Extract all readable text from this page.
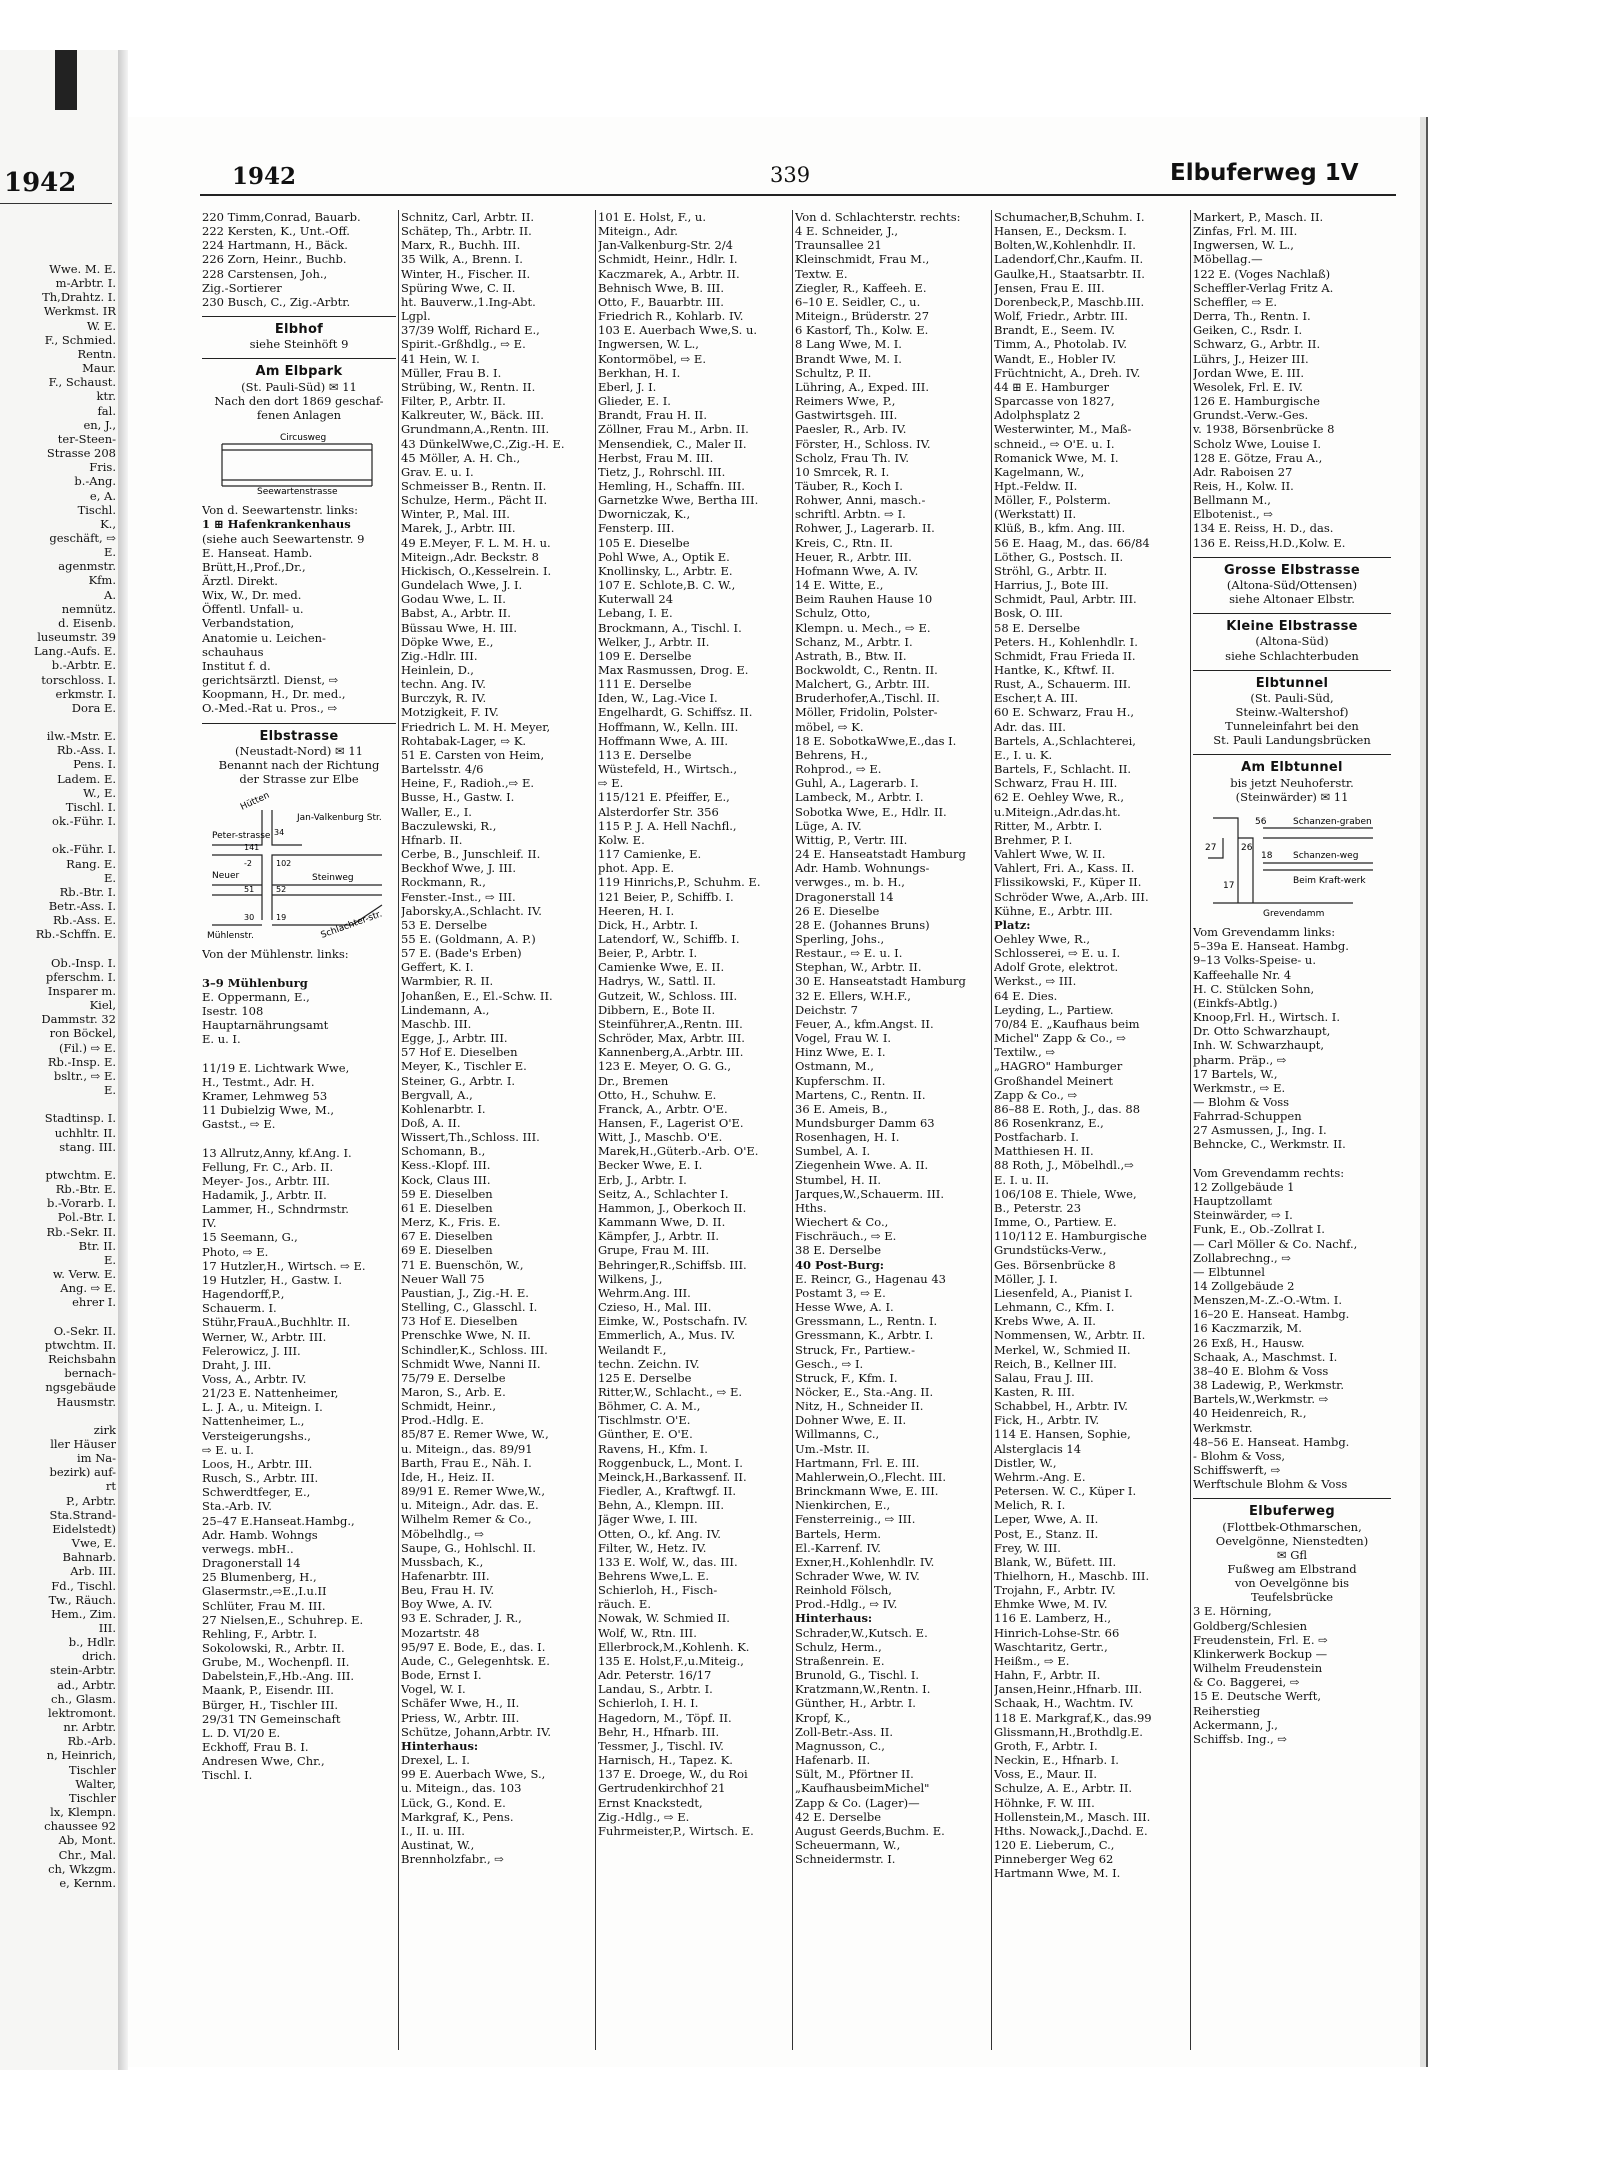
Wwe. M. E.
m-Arbtr. I.
Th,Drahtz. I.
Werkmst. IR
W. E.
F., Schmied.
Rentn.
Maur.
F., Schaust.
ktr.
fal.
en, J.,
ter-Steen-
Strasse 208
Fris.
b.-Ang.
e, A.
Tischl.
K.,
geschäft, ⇨
E.
agenmstr.
Kfm.
A.
nemnütz.
d. Eisenb.
luseumstr. 39
Lang.-Aufs. E.
b.-Arbtr. E.
torschloss. I.
erkmstr. I.
Dora E.

ilw.-Mstr. E.
Rb.-Ass. I.
Pens. I.
Ladem. E.
W., E.
Tischl. I.
ok.-Führ. I.

ok.-Führ. I.
Rang. E.
E.
Rb.-Btr. I.
Betr.-Ass. I.
Rb.-Ass. E.
Rb.-Schffn. E.

Ob.-Insp. I.
pferschm. I.
Insparer m.
Kiel,
Dammstr. 32
ron Böckel,
(Fil.) ⇨ E.
Rb.-Insp. E.
bsltr., ⇨ E.
E.

Stadtinsp. I.
uchhltr. II.
stang. III.

ptwchtm. E.
Rb.-Btr. E.
b.-Vorarb. I.
Pol.-Btr. I.
Rb.-Sekr. II.
Btr. II.
E.
w. Verw. E.
Ang. ⇨ E.
ehrer I.

O.-Sekr. II.
ptwchtm. II.
Reichsbahn
bernach-
ngsgebäude
Hausmstr.

zirk
ller Häuser
im Na-
bezirk) auf-
rt
P., Arbtr.
Sta.Strand-
Eidelstedt)
Vwe, E.
Bahnarb.
Arb. III.
Fd., Tischl.
Tw., Räuch.
Hem., Zim.
III.
b., Hdlr.
drich.
stein-Arbtr.
ad., Arbtr.
ch., Glasm.
lektromont.
nr. Arbtr.
Rb.-Arb.
n, Heinrich,
Tischler
Walter,
Tischler
lx, Klempn.
chaussee 92
Ab, Mont.
Chr., Mal.
ch, Wkzgm.
e, Kernm.
1942	1942	339	Elbuferweg 1V
220 Timm,Conrad, Bauarb.
222 Kersten, K., Unt.-Off.
224 Hartmann, H., Bäck.
226 Zorn, Heinr., Buchb.
228 Carstensen, Joh.,
Zig.-Sortierer
230 Busch, C., Zig.-Arbtr.
Elbhof
siehe Steinhöft 9
Am Elbpark
(St. Pauli-Süd) ✉ 11
Nach den dort 1869 geschaf-
fenen Anlagen
Circusweg
Seewartenstrasse
Von d. Seewartenstr. links:
1 ⊞ Hafenkrankenhaus
(siehe auch Seewartenstr. 9
E. Hanseat. Hamb.
Brütt,H.,Prof.,Dr.,
Ärztl. Direkt.
Wix, W., Dr. med.
Öffentl. Unfall- u.
Verbandstation,
Anatomie u. Leichen-
schauhaus
Institut f. d.
gerichtsärztl. Dienst, ⇨
Koopmann, H., Dr. med.,
O.-Med.-Rat u. Pros., ⇨
Elbstrasse
(Neustadt-Nord) ✉ 11
Benannt nach der Richtung
der Strasse zur Elbe
Hütten
Jan-Valkenburg Str.
Peter-strasse
Neuer	Steinweg
Mühlenstr.	Schlachter-str.
141
34
102
51	52
30	19
-2
Von der Mühlenstr. links:

3–9 Mühlenburg
E. Oppermann, E.,
Isestr. 108
Hauptarnährungsamt
E. u. I.

11/19 E. Lichtwark Wwe,
H., Testmt., Adr. H.
Kramer, Lehmweg 53
11 Dubielzig Wwe, M.,
Gastst., ⇨ E.

13 Allrutz,Anny, kf.Ang. I.
Fellung, Fr. C., Arb. II.
Meyer- Jos., Arbtr. III.
Hadamik, J., Arbtr. II.
Lammer, H., Schndrmstr.
IV.
15 Seemann, G.,
Photo, ⇨ E.
17 Hutzler,H., Wirtsch. ⇨ E.
19 Hutzler, H., Gastw. I.
Hagendorff,P.,
Schauerm. I.
Stühr,FrauA.,Buchhltr. II.
Werner, W., Arbtr. III.
Felerowicz, J. III.
Draht, J. III.
Voss, A., Arbtr. IV.
21/23 E. Nattenheimer,
L. J. A., u. Miteign. I.
Nattenheimer, L.,
Versteigerungshs.,
⇨ E. u. I.
Loos, H., Arbtr. III.
Rusch, S., Arbtr. III.
Schwerdtfeger, E.,
Sta.-Arb. IV.
25–47 E.Hanseat.Hambg.,
Adr. Hamb. Wohngs
verwegs. mbH..
Dragonerstall 14
25 Blumenberg, H.,
Glasermstr.,⇨E.,I.u.II
Schlüter, Frau M. III.
27 Nielsen,E., Schuhrep. E.
Rehling, F., Arbtr. I.
Sokolowski, R., Arbtr. II.
Grube, M., Wochenpfl. II.
Dabelstein,F.,Hb.-Ang. III.
Maank, P., Eisendr. III.
Bürger, H., Tischler III.
29/31 TN Gemeinschaft
L. D. VI/20 E.
Eckhoff, Frau B. I.
Andresen Wwe, Chr.,
Tischl. I.
Schnitz, Carl, Arbtr. II.
Schätep, Th., Arbtr. II.
Marx, R., Buchh. III.
35 Wilk, A., Brenn. I.
Winter, H., Fischer. II.
Spüring Wwe, C. II.
ht. Bauverw.,1.Ing-Abt.
Lgpl.
37/39 Wolff, Richard E.,
Spirit.-Grßhdlg., ⇨ E.
41 Hein, W. I.
Müller, Frau B. I.
Strübing, W., Rentn. II.
Filter, P., Arbtr. II.
Kalkreuter, W., Bäck. III.
Grundmann,A.,Rentn. III.
43 DünkelWwe,C.,Zig.-H. E.
45 Möller, A. H. Ch.,
Grav. E. u. I.
Schmeisser B., Rentn. II.
Schulze, Herm., Pächt II.
Winter, P., Mal. III.
Marek, J., Arbtr. III.
49 E.Meyer, F. L. M. H. u.
Miteign.,Adr. Beckstr. 8
Hickisch, O.,Kesselrein. I.
Gundelach Wwe, J. I.
Godau Wwe, L. II.
Babst, A., Arbtr. II.
Büssau Wwe, H. III.
Döpke Wwe, E.,
Zig.-Hdlr. III.
Heinlein, D.,
techn. Ang. IV.
Burczyk, R. IV.
Motzigkeit, F. IV.
Friedrich L. M. H. Meyer,
Rohtabak-Lager, ⇨ K.
51 E. Carsten von Heim,
Bartelsstr. 4/6
Heine, F., Radioh.,⇨ E.
Busse, H., Gastw. I.
Waller, E., I.
Baczulewski, R.,
Hfnarb. II.
Cerbe, B., Junschleif. II.
Beckhof Wwe, J. III.
Rockmann, R.,
Fenster.-Inst., ⇨ III.
Jaborsky,A.,Schlacht. IV.
53 E. Derselbe
55 E. (Goldmann, A. P.)
57 E. (Bade's Erben)
Geffert, K. I.
Warmbier, R. II.
Johanßen, E., El.-Schw. II.
Lindemann, A.,
Maschb. III.
Egge, J., Arbtr. III.
57 Hof E. Dieselben
Meyer, K., Tischler E.
Steiner, G., Arbtr. I.
Bergvall, A.,
Kohlenarbtr. I.
Doß, A. II.
Wissert,Th.,Schloss. III.
Schomann, B.,
Kess.-Klopf. III.
Kock, Claus III.
59 E. Dieselben
61 E. Dieselben
Merz, K., Fris. E.
67 E. Dieselben
69 E. Dieselben
71 E. Buenschön, W.,
Neuer Wall 75
Paustian, J., Zig.-H. E.
Stelling, C., Glasschl. I.
73 Hof E. Dieselben
Prenschke Wwe, N. II.
Schindler,K., Schloss. III.
Schmidt Wwe, Nanni II.
75/79 E. Derselbe
Maron, S., Arb. E.
Schmidt, Heinr.,
Prod.-Hdlg. E.
85/87 E. Remer Wwe, W.,
u. Miteign., das. 89/91
Barth, Frau E., Näh. I.
Ide, H., Heiz. II.
89/91 E. Remer Wwe,W.,
u. Miteign., Adr. das. E.
Wilhelm Remer & Co.,
Möbelhdlg., ⇨
Saupe, G., Hohlschl. II.
Mussbach, K.,
Hafenarbtr. III.
Beu, Frau H. IV.
Boy Wwe, A. IV.
93 E. Schrader, J. R.,
Mozartstr. 48
95/97 E. Bode, E., das. I.
Aude, C., Gelegenhtsk. E.
Bode, Ernst I.
Vogel, W. I.
Schäfer Wwe, H., II.
Priess, W., Arbtr. III.
Schütze, Johann,Arbtr. IV.
Hinterhaus:
Drexel, L. I.
99 E. Auerbach Wwe, S.,
u. Miteign., das. 103
Lück, G., Kond. E.
Markgraf, K., Pens.
I., II. u. III.
Austinat, W.,
Brennholzfabr., ⇨
101 E. Holst, F., u.
Miteign., Adr.
Jan-Valkenburg-Str. 2/4
Schmidt, Heinr., Hdlr. I.
Kaczmarek, A., Arbtr. II.
Behnisch Wwe, B. III.
Otto, F., Bauarbtr. III.
Friedrich R., Kohlarb. IV.
103 E. Auerbach Wwe,S. u.
Ingwersen, W. L.,
Kontormöbel, ⇨ E.
Berkhan, H. I.
Eberl, J. I.
Glieder, E. I.
Brandt, Frau H. II.
Zöllner, Frau M., Arbn. II.
Mensendiek, C., Maler II.
Herbst, Frau M. III.
Tietz, J., Rohrschl. III.
Hemling, H., Schaffn. III.
Garnetzke Wwe, Bertha III.
Dworniczak, K.,
Fensterp. III.
105 E. Dieselbe
Pohl Wwe, A., Optik E.
Knollinsky, L., Arbtr. E.
107 E. Schlote,B. C. W.,
Kuterwall 24
Lebang, I. E.
Brockmann, A., Tischl. I.
Welker, J., Arbtr. II.
109 E. Derselbe
Max Rasmussen, Drog. E.
111 E. Derselbe
Iden, W., Lag.-Vice I.
Engelhardt, G. Schiffsz. II.
Hoffmann, W., Kelln. III.
Hoffmann Wwe, A. III.
113 E. Derselbe
Wüstefeld, H., Wirtsch.,
⇨ E.
115/121 E. Pfeiffer, E.,
Alsterdorfer Str. 356
115 P. J. A. Hell Nachfl.,
Kolw. E.
117 Camienke, E.
phot. App. E.
119 Hinrichs,P., Schuhm. E.
121 Beier, P., Schiffb. I.
Heeren, H. I.
Dick, H., Arbtr. I.
Latendorf, W., Schiffb. I.
Beier, P., Arbtr. I.
Camienke Wwe, E. II.
Hadrys, W., Sattl. II.
Gutzeit, W., Schloss. III.
Dibbern, E., Bote II.
Steinführer,A.,Rentn. III.
Schröder, Max, Arbtr. III.
Kannenberg,A.,Arbtr. III.
123 E. Meyer, O. G. G.,
Dr., Bremen
Otto, H., Schuhw. E.
Franck, A., Arbtr. O'E.
Hansen, F., Lagerist O'E.
Witt, J., Maschb. O'E.
Marek,H.,Güterb.-Arb. O'E.
Becker Wwe, E. I.
Erb, J., Arbtr. I.
Seitz, A., Schlachter I.
Hammon, J., Oberkoch II.
Kammann Wwe, D. II.
Kämpfer, J., Arbtr. II.
Grupe, Frau M. III.
Behringer,R.,Schiffsb. III.
Wilkens, J.,
Wehrm.Ang. III.
Czieso, H., Mal. III.
Eimke, W., Postschafn. IV.
Emmerlich, A., Mus. IV.
Weilandt F.,
techn. Zeichn. IV.
125 E. Derselbe
Ritter,W., Schlacht., ⇨ E.
Böhmer, C. A. M.,
Tischlmstr. O'E.
Günther, E. O'E.
Ravens, H., Kfm. I.
Roggenbuck, L., Mont. I.
Meinck,H.,Barkassenf. II.
Fiedler, A., Kraftwgf. II.
Behn, A., Klempn. III.
Jäger Wwe, I. III.
Otten, O., kf. Ang. IV.
Filter, W., Hetz. IV.
133 E. Wolf, W., das. III.
Behrens Wwe,L. E.
Schierloh, H., Fisch-
räuch. E.
Nowak, W. Schmied II.
Wolf, W., Rtn. III.
Ellerbrock,M.,Kohlenh. K.
135 E. Holst,F.,u.Miteig.,
Adr. Peterstr. 16/17
Landau, S., Arbtr. I.
Schierloh, I. H. I.
Hagedorn, M., Töpf. II.
Behr, H., Hfnarb. III.
Tessmer, J., Tischl. IV.
Harnisch, H., Tapez. K.
137 E. Droege, W., du Roi
Gertrudenkirchhof 21
Ernst Knackstedt,
Zig.-Hdlg., ⇨ E.
Fuhrmeister,P., Wirtsch. E.
Von d. Schlachterstr. rechts:
4 E. Schneider, J.,
Traunsallee 21
Kleinschmidt, Frau M.,
Textw. E.
Ziegler, R., Kaffeeh. E.
6–10 E. Seidler, C., u.
Miteign., Brüderstr. 27
6 Kastorf, Th., Kolw. E.
8 Lang Wwe, M. I.
Brandt Wwe, M. I.
Schultz, P. II.
Lühring, A., Exped. III.
Reimers Wwe, P.,
Gastwirtsgeh. III.
Paesler, R., Arb. IV.
Förster, H., Schloss. IV.
Scholz, Frau Th. IV.
10 Smrcek, R. I.
Täuber, R., Koch I.
Rohwer, Anni, masch.-
schriftl. Arbtn. ⇨ I.
Rohwer, J., Lagerarb. II.
Kreis, C., Rtn. II.
Heuer, R., Arbtr. III.
Hofmann Wwe, A. IV.
14 E. Witte, E.,
Beim Rauhen Hause 10
Schulz, Otto,
Klempn. u. Mech., ⇨ E.
Schanz, M., Arbtr. I.
Astrath, B., Btw. II.
Bockwoldt, C., Rentn. II.
Malchert, G., Arbtr. III.
Bruderhofer,A.,Tischl. II.
Möller, Fridolin, Polster-
möbel, ⇨ K.
18 E. SobotkaWwe,E.,das I.
Behrens, H.,
Rohprod., ⇨ E.
Guhl, A., Lagerarb. I.
Lambeck, M., Arbtr. I.
Sobotka Wwe, E., Hdlr. II.
Lüge, A. IV.
Wittig, P., Vertr. III.
24 E. Hanseatstadt Hamburg
Adr. Hamb. Wohnungs-
verwges., m. b. H.,
Dragonerstall 14
26 E. Dieselbe
28 E. (Johannes Bruns)
Sperling, Johs.,
Restaur., ⇨ E. u. I.
Stephan, W., Arbtr. II.
30 E. Hanseatstadt Hamburg
32 E. Ellers, W.H.F.,
Deichstr. 7
Feuer, A., kfm.Angst. II.
Vogel, Frau W. I.
Hinz Wwe, E. I.
Ostmann, M.,
Kupferschm. II.
Martens, C., Rentn. II.
36 E. Ameis, B.,
Mundsburger Damm 63
Rosenhagen, H. I.
Sumbel, A. I.
Ziegenhein Wwe. A. II.
Stumbel, H. II.
Jarques,W.,Schauerm. III.
Hths.
Wiechert & Co.,
Fischräuch., ⇨ E.
38 E. Derselbe
40 Post-Burg:
E. Reincr, G., Hagenau 43
Postamt 3, ⇨ E.
Hesse Wwe, A. I.
Gressmann, L., Rentn. I.
Gressmann, K., Arbtr. I.
Struck, Fr., Partiew.-
Gesch., ⇨ I.
Struck, F., Kfm. I.
Nöcker, E., Sta.-Ang. II.
Nitz, H., Schneider II.
Dohner Wwe, E. II.
Willmanns, C.,
Um.-Mstr. II.
Hartmann, Frl. E. III.
Mahlerwein,O.,Flecht. III.
Brinckmann Wwe, E. III.
Nienkirchen, E.,
Fensterreinig., ⇨ III.
Bartels, Herm.
El.-Karrenf. IV.
Exner,H.,Kohlenhdlr. IV.
Schrader Wwe, W. IV.
Reinhold Fölsch,
Prod.-Hdlg., ⇨ IV.
Hinterhaus:
Schrader,W.,Kutsch. E.
Schulz, Herm.,
Straßenrein. E.
Brunold, G., Tischl. I.
Kratzmann,W.,Rentn. I.
Günther, H., Arbtr. I.
Kropf, K.,
Zoll-Betr.-Ass. II.
Magnusson, C.,
Hafenarb. II.
Sült, M., Pförtner II.
„KaufhausbeimMichel"
Zapp & Co. (Lager)—
42 E. Derselbe
August Geerds,Buchm. E.
Scheuermann, W.,
Schneidermstr. I.
Schumacher,B,Schuhm. I.
Hansen, E., Decksm. I.
Bolten,W.,Kohlenhdlr. II.
Ladendorf,Chr.,Kaufm. II.
Gaulke,H., Staatsarbtr. II.
Jensen, Frau E. III.
Dorenbeck,P., Maschb.III.
Wolf, Friedr., Arbtr. III.
Brandt, E., Seem. IV.
Timm, A., Photolab. IV.
Wandt, E., Hobler IV.
Früchtnicht, A., Dreh. IV.
44 ⊞ E. Hamburger
Sparcasse von 1827,
Adolphsplatz 2
Westerwinter, M., Maß-
schneid., ⇨ O'E. u. I.
Romanick Wwe, M. I.
Kagelmann, W.,
Hpt.-Feldw. II.
Möller, F., Polsterm.
(Werkstatt) II.
Klüß, B., kfm. Ang. III.
56 E. Haag, M., das. 66/84
Löther, G., Postsch. II.
Ströhl, G., Arbtr. II.
Harrius, J., Bote III.
Schmidt, Paul, Arbtr. III.
Bosk, O. III.
58 E. Derselbe
Peters. H., Kohlenhdlr. I.
Schmidt, Frau Frieda II.
Hantke, K., Kftwf. II.
Rust, A., Schauerm. III.
Escher,t A. III.
60 E. Schwarz, Frau H.,
Adr. das. III.
Bartels, A.,Schlachterei,
E., I. u. K.
Bartels, F., Schlacht. II.
Schwarz, Frau H. III.
62 E. Oehley Wwe, R.,
u.Miteign.,Adr.das.ht.
Ritter, M., Arbtr. I.
Brehmer, P. I.
Vahlert Wwe, W. II.
Vahlert, Fri. A., Kass. II.
Flissikowski, F., Küper II.
Schröder Wwe, A.,Arb. III.
Kühne, E., Arbtr. III.
Platz:
Oehley Wwe, R.,
Schlosserei, ⇨ E. u. I.
Adolf Grote, elektrot.
Werkst., ⇨ III.
64 E. Dies.
Leyding, L., Partiew.
70/84 E. „Kaufhaus beim
Michel" Zapp & Co., ⇨
Textilw., ⇨
„HAGRO" Hamburger
Großhandel Meinert
Zapp & Co., ⇨
86–88 E. Roth, J., das. 88
86 Rosenkranz, E.,
Postfacharb. I.
Matthiesen H. II.
88 Roth, J., Möbelhdl.,⇨
E. I. u. II.
106/108 E. Thiele, Wwe,
B., Peterstr. 23
Imme, O., Partiew. E.
110/112 E. Hamburgische
Grundstücks-Verw.,
Ges. Börsenbrücke 8
Möller, J. I.
Liesenfeld, A., Pianist I.
Lehmann, C., Kfm. I.
Krebs Wwe, A. II.
Nommensen, W., Arbtr. II.
Merkel, W., Schmied II.
Reich, B., Kellner III.
Salau, Frau J. III.
Kasten, R. III.
Schabbel, H., Arbtr. IV.
Fick, H., Arbtr. IV.
114 E. Hansen, Sophie,
Alsterglacis 14
Distler, W.,
Wehrm.-Ang. E.
Petersen. W. C., Küper I.
Melich, R. I.
Leper, Wwe, A. II.
Post, E., Stanz. II.
Frey, W. III.
Blank, W., Büfett. III.
Thielhorn, H., Maschb. III.
Trojahn, F., Arbtr. IV.
Ehmke Wwe, M. IV.
116 E. Lamberz, H.,
Hinrich-Lohse-Str. 66
Waschtaritz, Gertr.,
Heißm., ⇨ E.
Hahn, F., Arbtr. II.
Jansen,Heinr.,Hfnarb. III.
Schaak, H., Wachtm. IV.
118 E. Markgraf,K., das.99
Glissmann,H.,Brothdlg.E.
Groth, F., Arbtr. I.
Neckin, E., Hfnarb. I.
Voss, E., Maur. II.
Schulze, A. E., Arbtr. II.
Höhnke, F. W. III.
Hollenstein,M., Masch. III.
Hths. Nowack,J.,Dachd. E.
120 E. Lieberum, C.,
Pinneberger Weg 62
Hartmann Wwe, M. I.
Markert, P., Masch. II.
Zinfas, Frl. M. III.
Ingwersen, W. L.,
Möbellag.—
122 E. (Voges Nachlaß)
Scheffler-Verlag Fritz A.
Scheffler, ⇨ E.
Derra, Th., Rentn. I.
Geiken, C., Rsdr. I.
Schwarz, G., Arbtr. II.
Lührs, J., Heizer III.
Jordan Wwe, E. III.
Wesolek, Frl. E. IV.
126 E. Hamburgische
Grundst.-Verw.-Ges.
v. 1938, Börsenbrücke 8
Scholz Wwe, Louise I.
128 E. Götze, Frau A.,
Adr. Raboisen 27
Reis, H., Kolw. II.
Bellmann M.,
Elbotenist., ⇨
134 E. Reiss, H. D., das.
136 E. Reiss,H.D.,Kolw. E.
Grosse Elbstrasse
(Altona-Süd/Ottensen)
siehe Altonaer Elbstr.
Kleine Elbstrasse
(Altona-Süd)
siehe Schlachterbuden
Elbtunnel
(St. Pauli-Süd,
Steinw.-Waltershof)
Tunneleinfahrt bei den
St. Pauli Landungsbrücken
Am Elbtunnel
bis jetzt Neuhoferstr.
(Steinwärder) ✉ 11
56	Schanzen-graben
27	26
18 Schanzen-weg
17	Beim Kraft-werk
Grevendamm
Vom Grevendamm links:
5–39a E. Hanseat. Hambg.
9–13 Volks-Speise- u.
Kaffeehalle Nr. 4
H. C. Stülcken Sohn,
(Einkfs-Abtlg.)
Knoop,Frl. H., Wirtsch. I.
Dr. Otto Schwarzhaupt,
Inh. W. Schwarzhaupt,
pharm. Präp., ⇨
17 Bartels, W.,
Werkmstr., ⇨ E.
— Blohm & Voss
Fahrrad-Schuppen
27 Asmussen, J., Ing. I.
Behncke, C., Werkmstr. II.

Vom Grevendamm rechts:
12 Zollgebäude 1
Hauptzollamt
Steinwärder, ⇨ I.
Funk, E., Ob.-Zollrat I.
— Carl Möller & Co. Nachf.,
Zollabrechng., ⇨
— Elbtunnel
14 Zollgebäude 2
Menszen,M-.Z.-O.-Wtm. I.
16–20 E. Hanseat. Hambg.
16 Kaczmarzik, M.
26 Exß, H., Hausw.
Schaak, A., Maschmst. I.
38–40 E. Blohm & Voss
38 Ladewig, P., Werkmstr.
Bartels,W.,Werkmstr. ⇨
40 Heidenreich, R.,
Werkmstr.
48–56 E. Hanseat. Hambg.
- Blohm & Voss,
Schiffswerft, ⇨
Werftschule Blohm & Voss
Elbuferweg
(Flottbek-Othmarschen,
Oevelgönne, Nienstedten)
✉ Gfl
Fußweg am Elbstrand
von Oevelgönne bis
Teufelsbrücke
3 E. Hörning,
Goldberg/Schlesien
Freudenstein, Frl. E. ⇨
Klinkerwerk Bockup —
Wilhelm Freudenstein
& Co. Baggerei, ⇨
15 E. Deutsche Werft,
Reiherstieg
Ackermann, J.,
Schiffsb. Ing., ⇨
